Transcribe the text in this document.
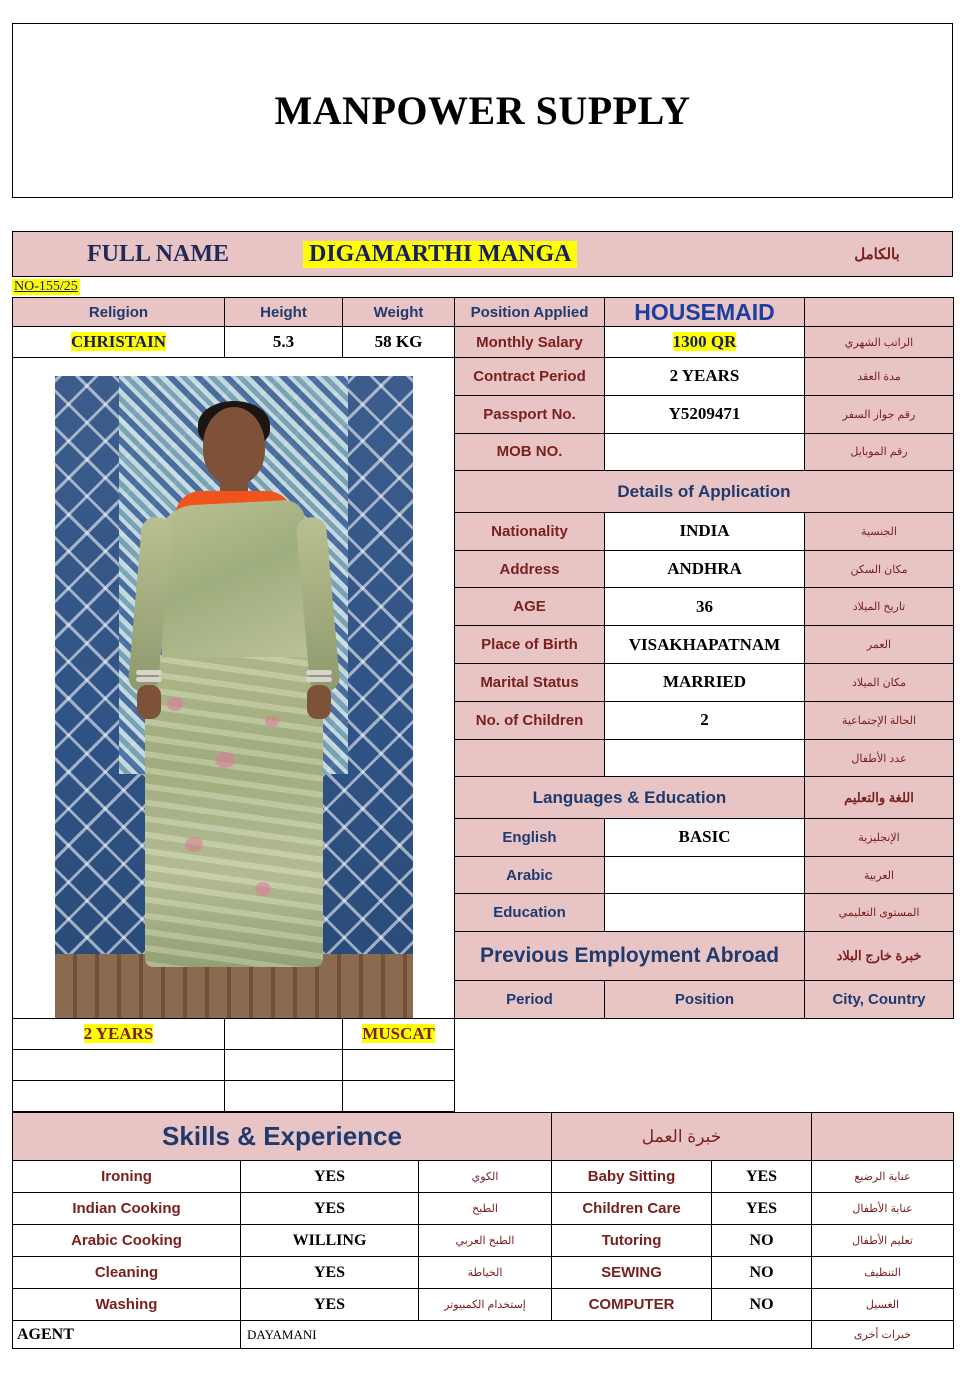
MANPOWER SUPPLY
FULL NAME	DIGAMARTHI MANGA	بالكامل
NO-155/25
Religion	Height	Weight	Position Applied	HOUSEMAID	
CHRISTAIN	5.3	58 KG	Monthly Salary	1300 QR	الراتب الشهري

			Contract Period	2 YEARS	مدة العقد
			Passport No.	Y5209471	رقم جواز السفر
			MOB NO.		رقم الموبايل
			Details of Application		
			Nationality	INDIA	الجنسية
			Address	ANDHRA	مكان السكن
			AGE	36	تاريخ الميلاد
			Place of Birth	VISAKHAPATNAM	العمر
			Marital Status	MARRIED	مكان الميلاد
			No. of Children	2	الحالة الإجتماعية
					عدد الأطفال
			Languages & Education		اللغة والتعليم
			English	BASIC	الإنجليزية
			Arabic		العربية
			Education		المستوى التعليمي
			Previous Employment Abroad		خبرة خارج البلاد
			Period	Position	City, Country
2 YEARS		MUSCAT			

Skills & Experience			خبرة العمل		

Ironing	YES	الكوي	Baby Sitting	YES	عناية الرضيع
Indian Cooking	YES	الطبخ	Children Care	YES	عناية الأطفال
Arabic Cooking	WILLING	الطبخ العربي	Tutoring	NO	تعليم الأطفال
Cleaning	YES	الخياطة	SEWING	NO	التنظيف
Washing	YES	إستخدام الكمبيوتر	COMPUTER	NO	الغسيل
AGENT	DAYAMANI				خبرات أخرى
